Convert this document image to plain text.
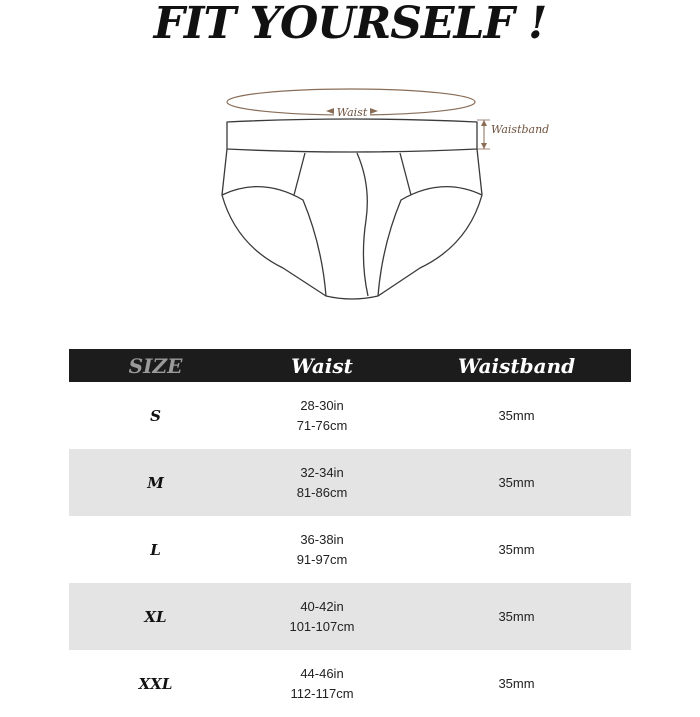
FIT YOURSELF !
Waist
Waistband
SIZE	Waist	Waistband
S
28-30in
71-76cm
35mm
M
32-34in
81-86cm
35mm
L
36-38in
91-97cm
35mm
XL
40-42in
101-107cm
35mm
XXL
44-46in
112-117cm
35mm
